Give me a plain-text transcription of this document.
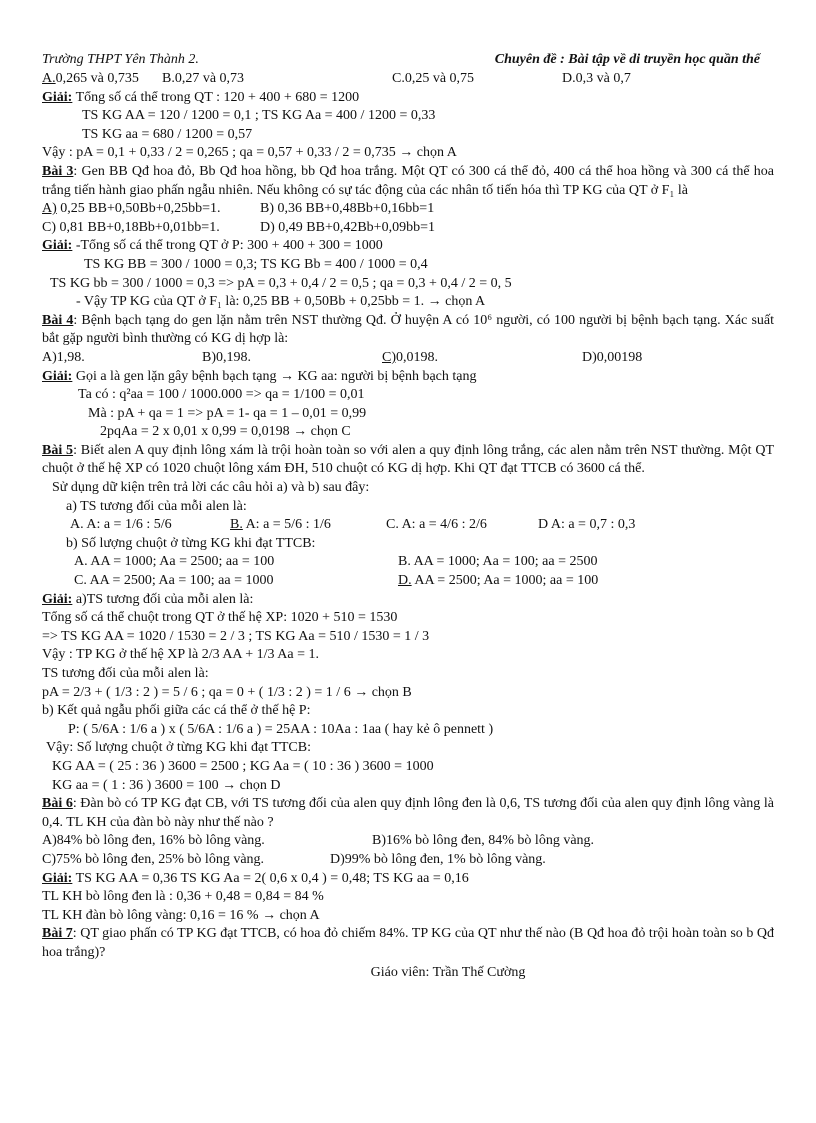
Trường THPT Yên Thành 2.	Chuyên đề : Bài tập về di truyền học quần thể
A.0,265 và 0,735	B.0,27 và 0,73	C.0,25 và 0,75	D.0,3 và 0,7
Giải: Tổng số cá thể trong QT : 120 + 400 + 680 = 1200
TS KG AA = 120 / 1200 = 0,1 ; TS KG Aa = 400 / 1200 = 0,33
TS KG aa = 680 / 1200 = 0,57
Vậy : pA = 0,1 + 0,33 / 2 = 0,265 ; qa = 0,57 + 0,33 / 2 = 0,735 → chọn A
Bài 3: Gen BB Qđ hoa đỏ, Bb Qđ hoa hồng, bb Qđ hoa trắng. Một QT có 300 cá thể đỏ, 400 cá thể hoa hồng và 300 cá thể hoa trắng tiến hành giao phấn ngẫu nhiên. Nếu không có sự tác động của các nhân tố tiến hóa thì TP KG của QT ở F₁ là
A) 0,25 BB+0,50Bb+0,25bb=1.	B) 0,36 BB+0,48Bb+0,16bb=1
C) 0,81 BB+0,18Bb+0,01bb=1.	D) 0,49 BB+0,42Bb+0,09bb=1
Giải: -Tổng số cá thể trong QT ở P: 300 + 400 + 300 = 1000
TS KG BB = 300 / 1000 = 0,3; TS KG Bb = 400 / 1000 = 0,4
TS KG bb = 300 / 1000 = 0,3 => pA = 0,3 + 0,4 / 2 = 0,5 ; qa = 0,3 + 0,4 / 2 = 0, 5
- Vậy TP KG của QT ở F₁ là: 0,25 BB + 0,50Bb + 0,25bb = 1. → chọn A
Bài 4: Bệnh bạch tạng do gen lặn nằm trên NST thường Qđ. Ở huyện A có 10⁶ người, có 100 người bị bệnh bạch tạng. Xác suất bắt gặp người bình thường có KG dị hợp là:
A)1,98.	B)0,198.	C)0,0198.	D)0,00198
Giải: Gọi a là gen lặn gây bệnh bạch tạng → KG aa: người bị bệnh bạch tạng
Ta có : q²aa = 100 / 1000.000 => qa = 1/100 = 0,01
Mà : pA + qa = 1 => pA = 1- qa = 1 – 0,01 = 0,99
2pqAa = 2 x 0,01 x 0,99 = 0,0198 → chọn C
Bài 5: Biết alen A quy định lông xám là trội hoàn toàn so với alen a quy định lông trắng, các alen nằm trên NST thường. Một QT chuột ở thế hệ XP có 1020 chuột lông xám ĐH, 510 chuột có KG dị hợp. Khi QT đạt TTCB có 3600 cá thể.
Sử dụng dữ kiện trên trả lời các câu hỏi a) và b) sau đây:
a) TS tương đối của mỗi alen là:
A. A: a = 1/6 : 5/6	B. A: a = 5/6 : 1/6	C. A: a = 4/6 : 2/6	D A: a = 0,7 : 0,3
b) Số lượng chuột ở từng KG khi đạt TTCB:
A. AA = 1000; Aa = 2500; aa = 100	B. AA = 1000; Aa = 100; aa = 2500
C. AA = 2500; Aa = 100; aa = 1000	D. AA = 2500; Aa = 1000; aa = 100
Giải: a)TS tương đối của mỗi alen là:
Tổng số cá thể chuột trong QT ở thế hệ XP: 1020 + 510 = 1530
=> TS KG AA = 1020 / 1530 = 2 / 3 ; TS KG Aa = 510 / 1530 = 1 / 3
Vậy : TP KG ở thế hệ XP là 2/3 AA + 1/3 Aa = 1.
TS tương đối của mỗi alen là:
pA = 2/3 + ( 1/3 : 2 ) = 5 / 6 ; qa = 0 + ( 1/3 : 2 ) = 1 / 6 → chọn B
b) Kết quả ngẫu phối giữa các cá thể ở thế hệ P:
P: ( 5/6A : 1/6 a ) x ( 5/6A : 1/6 a ) = 25AA : 10Aa : 1aa ( hay kẻ ô pennett )
Vậy: Số lượng chuột ở từng KG khi đạt TTCB:
KG AA = ( 25 : 36 ) 3600 = 2500 ; KG Aa = ( 10 : 36 ) 3600 = 1000
KG aa = ( 1 : 36 ) 3600 = 100 → chọn D
Bài 6: Đàn bò có TP KG đạt CB, với TS tương đối của alen quy định lông đen là 0,6, TS tương đối của alen quy định lông vàng là 0,4. TL KH của đàn bò này như thế nào ?
A)84% bò lông đen, 16% bò lông vàng.	B)16% bò lông đen, 84% bò lông vàng.
C)75% bò lông đen, 25% bò lông vàng.	D)99% bò lông đen, 1% bò lông vàng.
Giải: TS KG AA = 0,36 TS KG Aa = 2( 0,6 x 0,4 ) = 0,48; TS KG aa = 0,16
TL KH bò lông đen là : 0,36 + 0,48 = 0,84 = 84 %
TL KH đàn bò lông vàng: 0,16 = 16 % → chọn A
Bài 7: QT giao phấn có TP KG đạt TTCB, có hoa đỏ chiếm 84%. TP KG của QT như thế nào (B Qđ hoa đỏ trội hoàn toàn so b Qđ hoa trắng)?
Giáo viên: Trần Thế Cường
